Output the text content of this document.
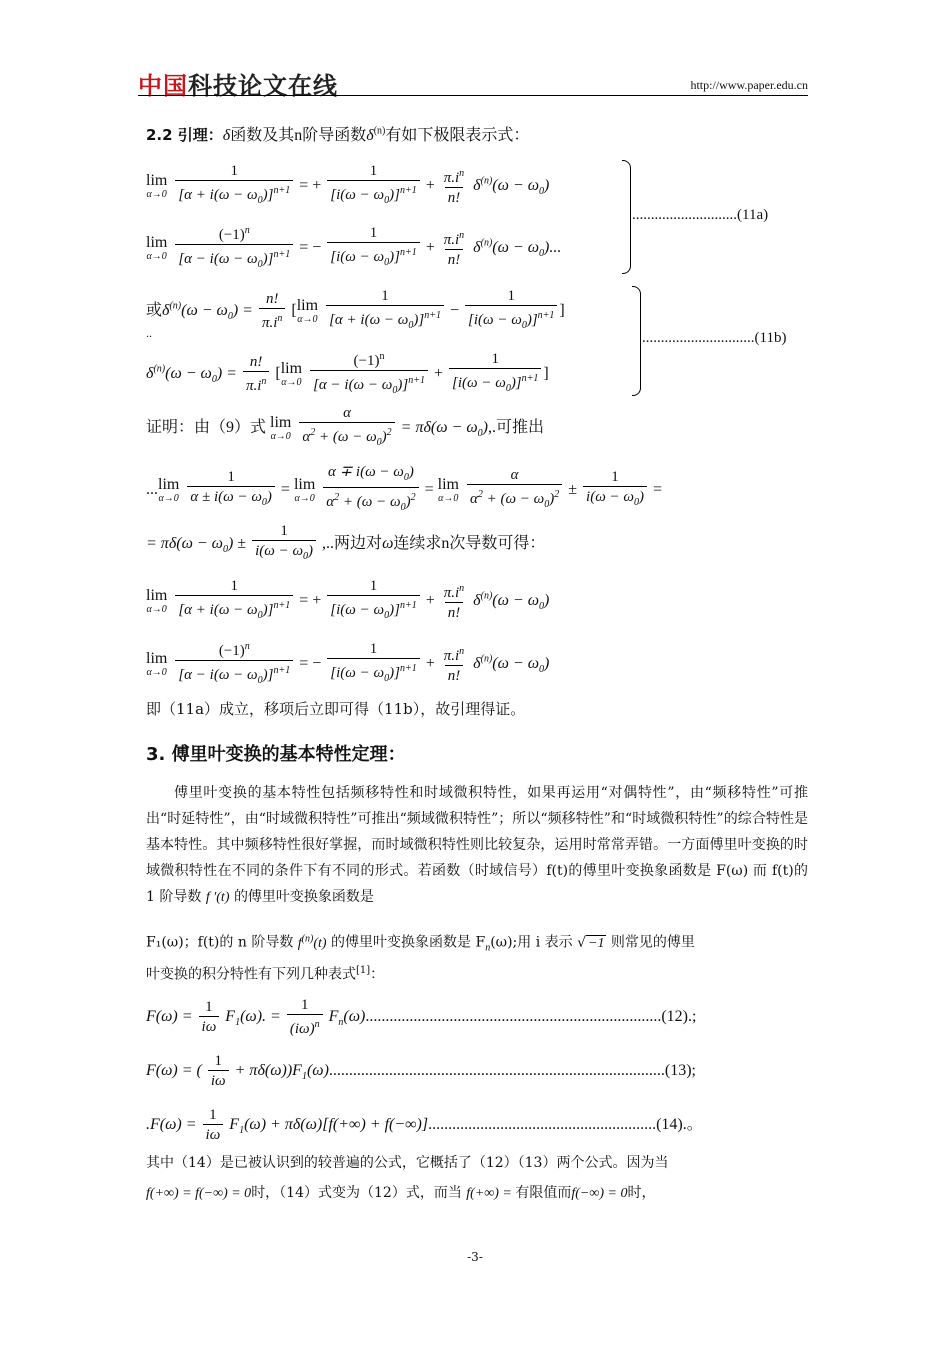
中国科技论文在线	http://www.paper.edu.cn
2.2 引理：δ函数及其n阶导函数$\delta^{(n)}$有如下极限表示式：
lim
α→0
$\frac{1}{[\alpha + i(\omega - \omega_0)]^{n+1}}$ = + $\frac{1}{[i(\omega - \omega_0)]^{n+1}} + \frac{\pi.i^n}{n!} \delta^{(n)}(\omega - \omega_0)$
lim
α→0
$\frac{(-1)^n}{[\alpha - i(\omega - \omega_0)]^{n+1}}$ = − $\frac{1}{[i(\omega - \omega_0)]^{n+1}} + \frac{\pi.i^n}{n!} \delta^{(n)}(\omega - \omega_0)$...
............................(11a)
或$\delta^{(n)}(\omega - \omega_0) = \frac{n!}{\pi.i^n}$ [ lim
α→0
$\frac{1}{[\alpha + i(\omega - \omega_0)]^{n+1}} - \frac{1}{[i(\omega - \omega_0)]^{n+1}}$ ]
..
$\delta^{(n)}(\omega - \omega_0) = \frac{n!}{\pi.i^n}$ [ lim
α→0
$\frac{(-1)^n}{[\alpha - i(\omega - \omega_0)]^{n+1}} + \frac{1}{[i(\omega - \omega_0)]^{n+1}}$ ]
..............................(11b)
证明：由（9）式 lim
α→0
$\frac{\alpha}{\alpha^2 + (\omega - \omega_0)^2} = \pi\delta(\omega - \omega_0)$,.可推出
... lim
α→0
$\frac{1}{\alpha \pm i(\omega - \omega_0)} = \lim$
α→0
$\frac{\alpha \mp i(\omega - \omega_0)}{\alpha^2 + (\omega - \omega_0)^2} = \lim$
α→0
$\frac{\alpha}{\alpha^2 + (\omega - \omega_0)^2} \pm \frac{1}{i(\omega - \omega_0)}$ =
= $\pi\delta(\omega - \omega_0) \pm \frac{1}{i(\omega - \omega_0)}$ ,..两边对ω连续求n次导数可得：
lim
α→0
$\frac{1}{[\alpha + i(\omega - \omega_0)]^{n+1}}$ = + $\frac{1}{[i(\omega - \omega_0)]^{n+1}} + \frac{\pi.i^n}{n!} \delta^{(n)}(\omega - \omega_0)$
lim
α→0
$\frac{(-1)^n}{[\alpha - i(\omega - \omega_0)]^{n+1}}$ = − $\frac{1}{[i(\omega - \omega_0)]^{n+1}} + \frac{\pi.i^n}{n!} \delta^{(n)}(\omega - \omega_0)$
即（11a）成立，移项后立即可得（11b），故引理得证。
3. 傅里叶变换的基本特性定理：
傅里叶变换的基本特性包括频移特性和时域微积特性，如果再运用“对偶特性”，由“频移特性”可推出“时延特性”，由“时域微积特性”可推出“频域微积特性”；所以“频移特性”和“时域微积特性”的综合特性是基本特性。其中频移特性很好掌握，而时域微积特性则比较复杂，运用时常常弄错。一方面傅里叶变换的时域微积特性在不同的条件下有不同的形式。若函数（时域信号）f(t)的傅里叶变换象函数是 F(ω) 而 f(t)的 1 阶导数 f ′(t) 的傅里叶变换象函数是
F₁(ω)；f(t)的 n 阶导数 $f^{(n)}(t)$ 的傅里叶变换象函数是 $F_n(\omega)$;用 i 表示 √ −1 则常见的傅里
叶变换的积分特性有下列几种表式[1]：
$F(\omega) = \frac{1}{i\omega} F_1(\omega)$. = $\frac{1}{(i\omega)^n} F_n(\omega)..........................................................................(12)$.;
F(ω) = ( $\frac{1}{i\omega} + \pi\delta(\omega))F_1(\omega)....................................................................................(13)$;
$.F(\omega) = \frac{1}{i\omega} F_1(\omega) + \pi\delta(\omega)[f(+\infty) + f(-\infty)].........................................................(14)$.。
其中（14）是已被认识到的较普遍的公式，它概括了（12）（13）两个公式。因为当
f(+∞) = f(−∞) = 0时，（14）式变为（12）式，而当 f(+∞) = 有限值而f(−∞) = 0时，
-3-
